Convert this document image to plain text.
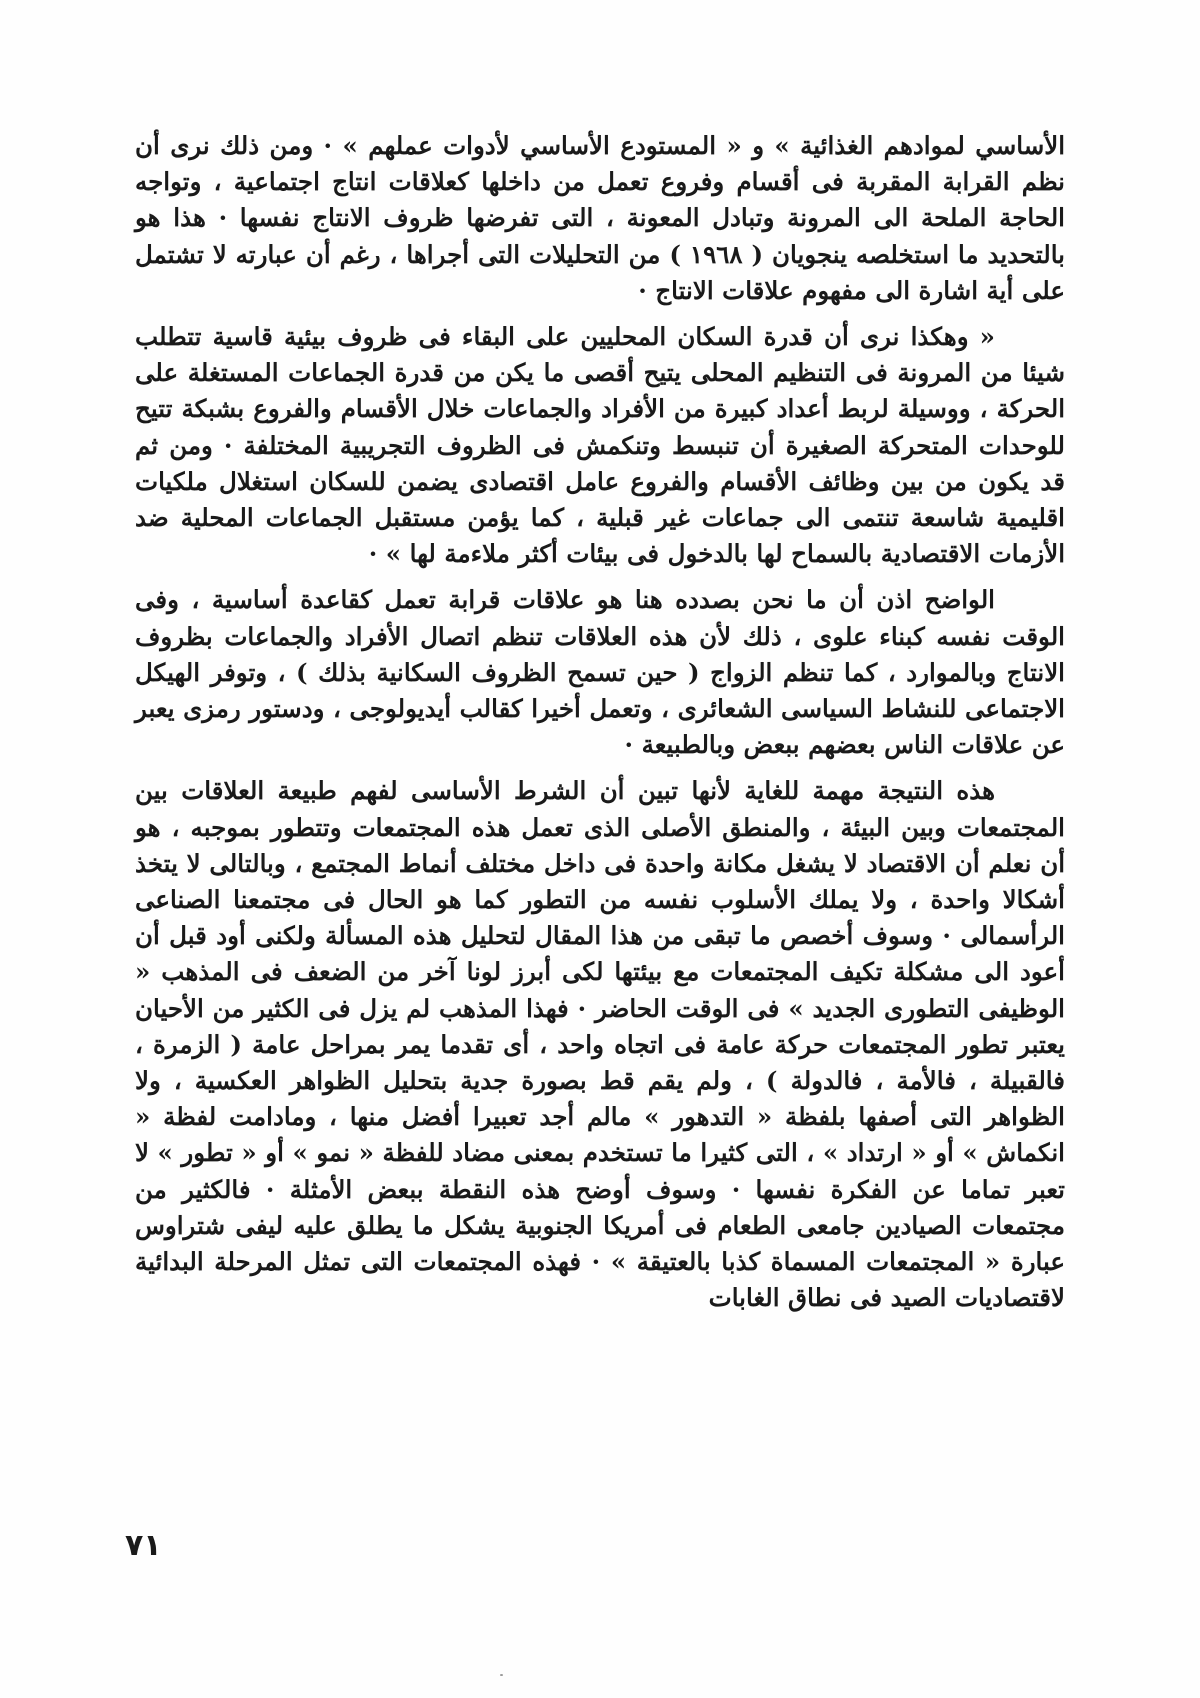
الأساسي لموادهم الغذائية » و « المستودع الأساسي لأدوات عملهم » · ومن ذلك نرى أن نظم القرابة المقربة فى أقسام وفروع تعمل من داخلها كعلاقات انتاج اجتماعية ، وتواجه الحاجة الملحة الى المرونة وتبادل المعونة ، التى تفرضها ظروف الانتاج نفسها · هذا هو بالتحديد ما استخلصه ينجويان ( ١٩٦٨ ) من التحليلات التى أجراها ، رغم أن عبارته لا تشتمل على أية اشارة الى مفهوم علاقات الانتاج ·

« وهكذا نرى أن قدرة السكان المحليين على البقاء فى ظروف بيئية قاسية تتطلب شيئا من المرونة فى التنظيم المحلى يتيح أقصى ما يكن من قدرة الجماعات المستغلة على الحركة ، ووسيلة لربط أعداد كبيرة من الأفراد والجماعات خلال الأقسام والفروع بشبكة تتيح للوحدات المتحركة الصغيرة أن تنبسط وتنكمش فى الظروف التجريبية المختلفة · ومن ثم قد يكون من بين وظائف الأقسام والفروع عامل اقتصادى يضمن للسكان استغلال ملكيات اقليمية شاسعة تنتمى الى جماعات غير قبلية ، كما يؤمن مستقبل الجماعات المحلية ضد الأزمات الاقتصادية بالسماح لها بالدخول فى بيئات أكثر ملاءمة لها » ·

الواضح اذن أن ما نحن بصدده هنا هو علاقات قرابة تعمل كقاعدة أساسية ، وفى الوقت نفسه كبناء علوى ، ذلك لأن هذه العلاقات تنظم اتصال الأفراد والجماعات بظروف الانتاج وبالموارد ، كما تنظم الزواج ( حين تسمح الظروف السكانية بذلك ) ، وتوفر الهيكل الاجتماعى للنشاط السياسى الشعائرى ، وتعمل أخيرا كقالب أيديولوجى ، ودستور رمزى يعبر عن علاقات الناس بعضهم ببعض وبالطبيعة ·

هذه النتيجة مهمة للغاية لأنها تبين أن الشرط الأساسى لفهم طبيعة العلاقات بين المجتمعات وبين البيئة ، والمنطق الأصلى الذى تعمل هذه المجتمعات وتتطور بموجبه ، هو أن نعلم أن الاقتصاد لا يشغل مكانة واحدة فى داخل مختلف أنماط المجتمع ، وبالتالى لا يتخذ أشكالا واحدة ، ولا يملك الأسلوب نفسه من التطور كما هو الحال فى مجتمعنا الصناعى الرأسمالى · وسوف أخصص ما تبقى من هذا المقال لتحليل هذه المسألة ولكنى أود قبل أن أعود الى مشكلة تكيف المجتمعات مع بيئتها لكى أبرز لونا آخر من الضعف فى المذهب « الوظيفى التطورى الجديد » فى الوقت الحاضر · فهذا المذهب لم يزل فى الكثير من الأحيان يعتبر تطور المجتمعات حركة عامة فى اتجاه واحد ، أى تقدما يمر بمراحل عامة ( الزمرة ، فالقبيلة ، فالأمة ، فالدولة ) ، ولم يقم قط بصورة جدية بتحليل الظواهر العكسية ، ولا الظواهر التى أصفها بلفظة « التدهور » مالم أجد تعبيرا أفضل منها ، ومادامت لفظة « انكماش » أو « ارتداد » ، التى كثيرا ما تستخدم بمعنى مضاد للفظة « نمو » أو « تطور » لا تعبر تماما عن الفكرة نفسها · وسوف أوضح هذه النقطة ببعض الأمثلة · فالكثير من مجتمعات الصيادين جامعى الطعام فى أمريكا الجنوبية يشكل ما يطلق عليه ليفى شتراوس عبارة « المجتمعات المسماة كذبا بالعتيقة » · فهذه المجتمعات التى تمثل المرحلة البدائية لاقتصاديات الصيد فى نطاق الغابات

٧١
